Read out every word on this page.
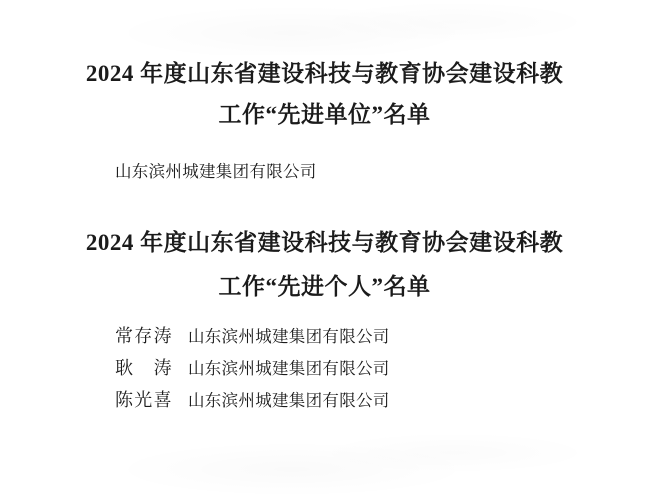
2024 年度山东省建设科技与教育协会建设科教
工作“先进单位”名单
山东滨州城建集团有限公司
2024 年度山东省建设科技与教育协会建设科教
工作“先进个人”名单
常存涛 山东滨州城建集团有限公司
耿　涛 山东滨州城建集团有限公司
陈光喜 山东滨州城建集团有限公司
